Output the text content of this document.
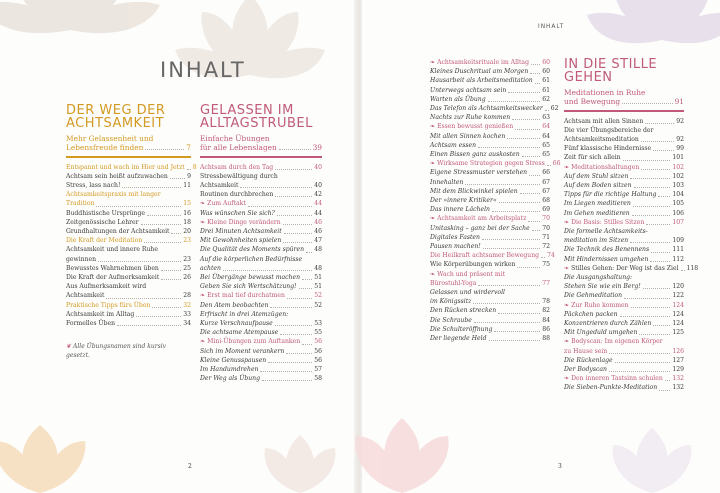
INHALT
DER WEG DER
ACHTSAMKEIT
Mehr Gelassenheit und
Lebensfreude finden	7
Entspannt und wach im Hier und Jetzt 8
Achtsam sein heißt aufzuwachen	9
Stress, lass nach!	11
Achtsamkeitspraxis mit langer
Tradition	15
Buddhistische Ursprünge	16
Zeitgenössische Lehrer	18
Grundhaltungen der Achtsamkeit 20
Die Kraft der Meditation	23
Achtsamkeit und innere Ruhe
gewinnen	23
Bewusstes Wahrnehmen üben	25
Die Kraft der Aufmerksamkeit	26
Aus Aufmerksamkeit wird
Achtsamkeit	28
Praktische Tipps fürs Üben	32
Achtsamkeit im Alltag	33
Formelles Üben	34
❦ Alle Übungsnamen sind kursiv gesetzt.
GELASSEN IM
ALLTAGSTRUBEL
Einfache Übungen
für alle Lebenslagen	39
Achtsam durch den Tag	40
Stressbewältigung durch
Achtsamkeit	40
Routinen durchbrechen	42
❧ Zum Auftakt	44
Was wünschen Sie sich?	44
❧ Kleine Dinge verändern	46
Drei Minuten Achtsamkeit	46
Mit Gewohnheiten spielen	47
Die Qualität des Moments spüren 48
Auf die körperlichen Bedürfnisse
achten	48
Bei Übergänge bewusst machen 51
Geben Sie sich Wertschätzung!	51
❧ Erst mal tief durchatmen	52
Den Atem beobachten	52
Erfrischt in drei Atemzügen:
Kurze Verschnaufpause	53
Die achtsame Atempause	55
❧ Mini-Übungen zum Auftanken 56
Sich im Moment verankern	56
Kleine Genusspausen	56
Im Handumdrehen	57
Der Weg als Übung	58
2
INHALT
❧ Achtsamkeitsrituale im Alltag 60
Kleines Duschritual am Morgen 60
Hausarbeit als Arbeitsmeditation 61
Unterwegs achtsam sein	61
Warten als Übung	62
Das Telefon als Achtsamkeitswecker 62
Nachts zur Ruhe kommen	63
❧ Essen bewusst genießen	64
Mit allen Sinnen kochen	64
Achtsam essen	65
Einen Bissen ganz auskosten	65
❧ Wirksame Strategien gegen Stress 66
Eigene Stressmuster verstehen 66
Innehalten	67
Mit dem Blickwinkel spielen	67
Der »innere Kritiker«	68
Das innere Lächeln	69
❧ Achtsamkeit am Arbeitsplatz	70
Unitasking – ganz bei der Sache 70
Digitales Fasten	71
Pausen machen!	72
Die Heilkraft achtsamer Bewegung 74
Wie Körperübungen wirken	75
❧ Wach und präsent mit
Bürostuhl-Yoga	77
Gelassen und wirdervoll
im Königssitz	78
Den Rücken strecken	82
Die Schraube	84
Die Schulteröffnung	86
Der liegende Held	88
IN DIE STILLE
GEHEN
Meditationen in Ruhe
und Bewegung	91
Achtsam mit allen Sinnen	92
Die vier Übungsbereiche der
Achtsamkeitsmeditation	92
Fünf klassische Hindernisse	99
Zeit für sich allein	101
❧ Meditationshaltungen	102
Auf dem Stuhl sitzen	102
Auf dem Boden sitzen	103
Tipps für die richtige Haltung	104
Im Liegen meditieren	105
Im Gehen meditieren	106
❧ Die Basis: Stilles Sitzen	107
Die formelle Achtsamkeits-
meditation im Sitzen	109
Die Technik des Benennens	111
Mit Hindernissen umgehen	112
❧ Stilles Gehen: Der Weg ist das Ziel 118
Die Ausgangshaltung:
Stehen Sie wie ein Berg!	120
Die Gehmeditation	122
❧ Zur Ruhe kommen	124
Päckchen packen	124
Konzentrieren durch Zählen	124
Mit Ungeduld umgehen	125
❧ Bodyscan: Im eigenen Körper
zu Hause sein	126
Die Rückenlage	127
Der Bodyscan	129
❧ Den inneren Tastsinn schulen 132
Die Sieben-Punkte-Meditation 132
3
